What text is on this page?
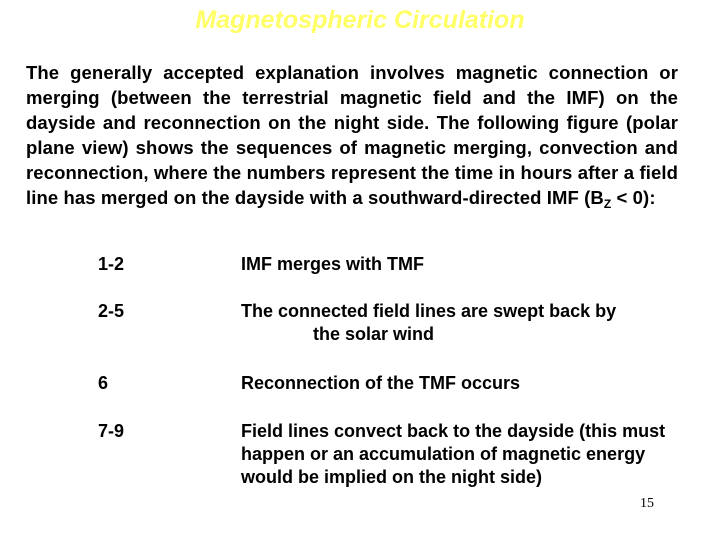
Magnetospheric Circulation
The generally accepted explanation involves magnetic connection or merging (between the terrestrial magnetic field and the IMF) on the dayside and reconnection on the night side. The following figure (polar plane view) shows the sequences of magnetic merging, convection and reconnection, where the numbers represent the time in hours after a field line has merged on the dayside with a southward-directed IMF $(B_Z < 0)$:
1-2	IMF merges with TMF
2-5	The connected field lines are swept back by
the solar wind
6	Reconnection of the TMF occurs
7-9	Field lines convect back to the dayside (this must happen or an accumulation of magnetic energy would be implied on the night side)
15
